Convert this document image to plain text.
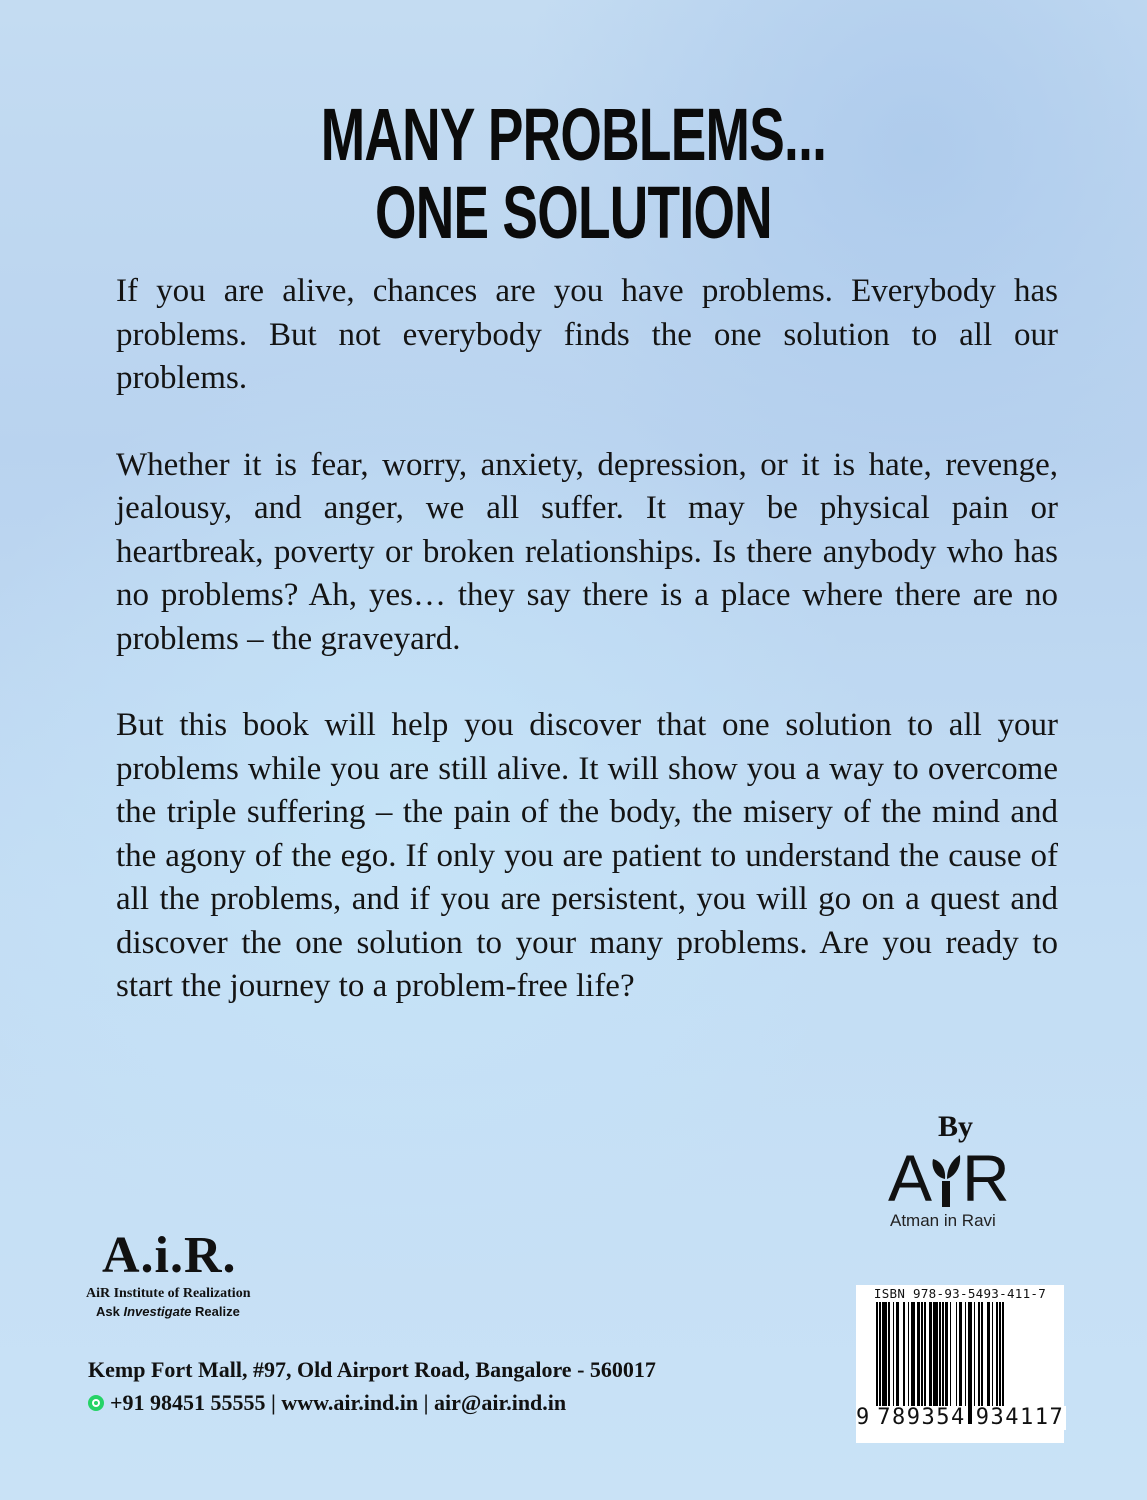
MANY PROBLEMS...
ONE SOLUTION

If you are alive, chances are you have problems. Everybody has problems. But not everybody finds the one solution to all our problems.

Whether it is fear, worry, anxiety, depression, or it is hate, revenge, jealousy, and anger, we all suffer. It may be physical pain or heartbreak, poverty or broken relationships. Is there anybody who has no problems? Ah, yes… they say there is a place where there are no problems – the graveyard.

But this book will help you discover that one solution to all your problems while you are still alive. It will show you a way to overcome the triple suffering – the pain of the body, the misery of the mind and the agony of the ego. If only you are patient to understand the cause of all the problems, and if you are persistent, you will go on a quest and discover the one solution to your many problems. Are you ready to start the journey to a problem-free life?

By
A R
Atman in Ravi
A.i.R.
AiR Institute of Realization
Ask Investigate Realize
Kemp Fort Mall, #97, Old Airport Road, Bangalore - 560017
+91 98451 55555 | www.air.ind.in | air@air.ind.in
ISBN 978-93-5493-411-7
9 789354 934117
